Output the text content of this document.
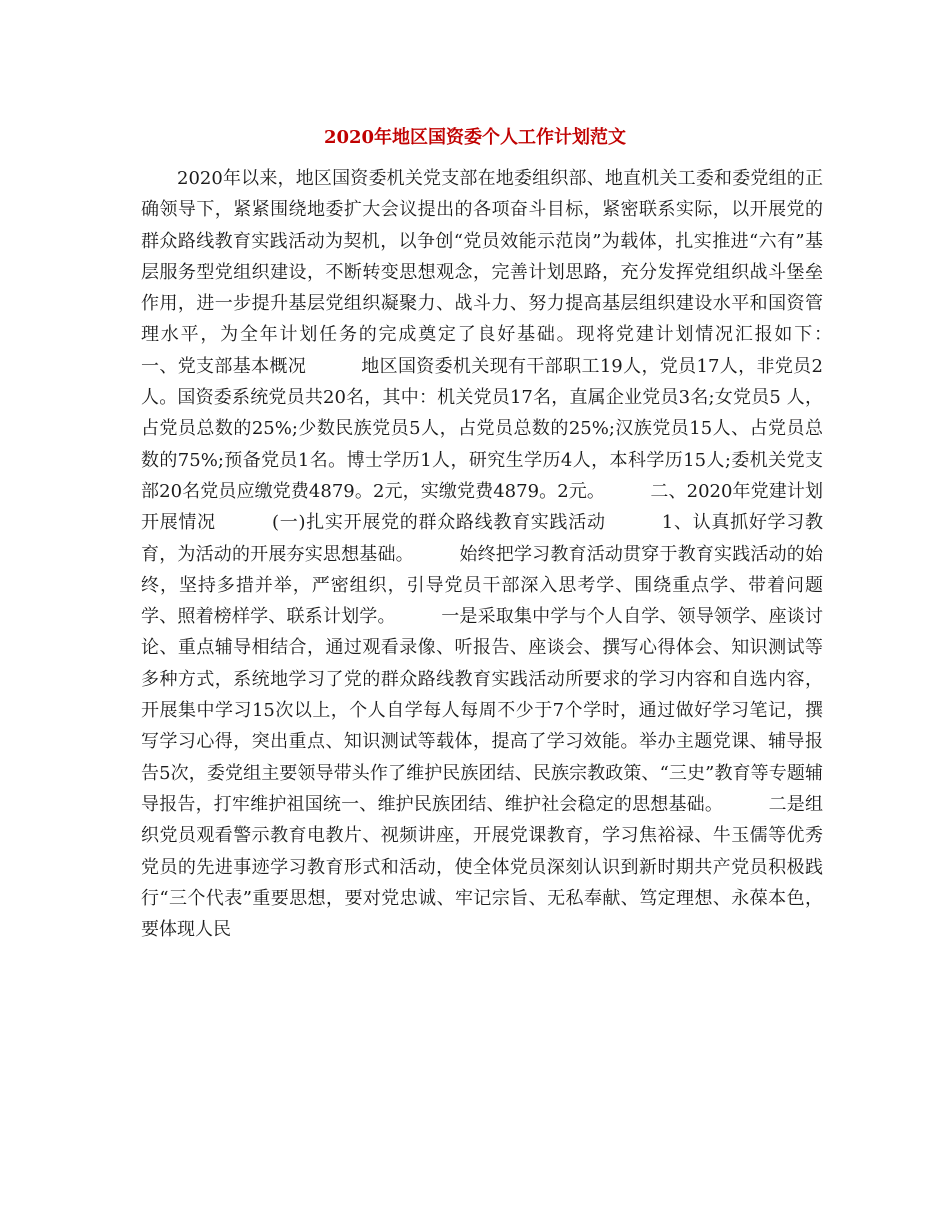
2020年地区国资委个人工作计划范文

2020年以来，地区国资委机关党支部在地委组织部、地直机关工委和委党组的正确领导下，紧紧围绕地委扩大会议提出的各项奋斗目标，紧密联系实际，以开展党的群众路线教育实践活动为契机，以争创“党员效能示范岗”为载体，扎实推进“六有”基层服务型党组织建设，不断转变思想观念，完善计划思路，充分发挥党组织战斗堡垒作用，进一步提升基层党组织凝聚力、战斗力、努力提高基层组织建设水平和国资管理水平，为全年计划任务的完成奠定了良好基础。现将党建计划情况汇报如下：　　　一、党支部基本概况　　　地区国资委机关现有干部职工19人，党员17人，非党员2人。国资委系统党员共20名，其中：机关党员17名，直属企业党员3名;女党员5 人，占党员总数的25%;少数民族党员5人，占党员总数的25%;汉族党员15人、占党员总数的75%;预备党员1名。博士学历1人，研究生学历4人，本科学历15人;委机关党支部20名党员应缴党费4879。2元，实缴党费4879。2元。　　　二、2020年党建计划开展情况　　　(一)扎实开展党的群众路线教育实践活动　　　1、认真抓好学习教育，为活动的开展夯实思想基础。　　　始终把学习教育活动贯穿于教育实践活动的始终，坚持多措并举，严密组织，引导党员干部深入思考学、围绕重点学、带着问题学、照着榜样学、联系计划学。　　　一是采取集中学与个人自学、领导领学、座谈讨论、重点辅导相结合，通过观看录像、听报告、座谈会、撰写心得体会、知识测试等多种方式，系统地学习了党的群众路线教育实践活动所要求的学习内容和自选内容，开展集中学习15次以上，个人自学每人每周不少于7个学时，通过做好学习笔记，撰写学习心得，突出重点、知识测试等载体，提高了学习效能。举办主题党课、辅导报告5次，委党组主要领导带头作了维护民族团结、民族宗教政策、“三史”教育等专题辅导报告，打牢维护祖国统一、维护民族团结、维护社会稳定的思想基础。　　　二是组织党员观看警示教育电教片、视频讲座，开展党课教育，学习焦裕禄、牛玉儒等优秀党员的先进事迹学习教育形式和活动，使全体党员深刻认识到新时期共产党员积极践行“三个代表”重要思想，要对党忠诚、牢记宗旨、无私奉献、笃定理想、永葆本色，要体现人民
